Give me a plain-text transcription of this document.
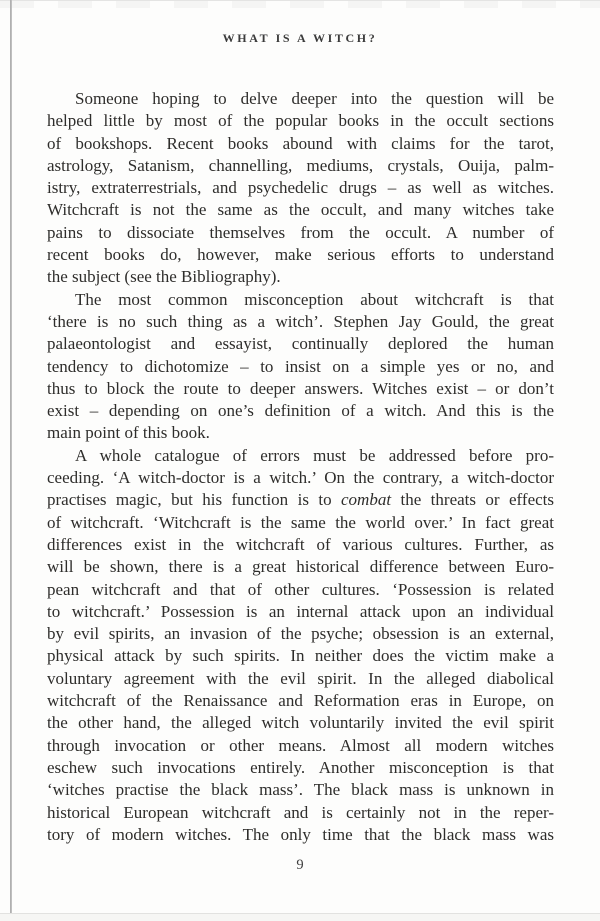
WHAT IS A WITCH?
Someone hoping to delve deeper into the question will be
helped little by most of the popular books in the occult sections
of bookshops. Recent books abound with claims for the tarot,
astrology, Satanism, channelling, mediums, crystals, Ouija, palm-
istry, extraterrestrials, and psychedelic drugs – as well as witches.
Witchcraft is not the same as the occult, and many witches take
pains to dissociate themselves from the occult. A number of
recent books do, however, make serious efforts to understand
the subject (see the Bibliography).
The most common misconception about witchcraft is that
‘there is no such thing as a witch’. Stephen Jay Gould, the great
palaeontologist and essayist, continually deplored the human
tendency to dichotomize – to insist on a simple yes or no, and
thus to block the route to deeper answers. Witches exist – or don’t
exist – depending on one’s definition of a witch. And this is the
main point of this book.
A whole catalogue of errors must be addressed before pro-
ceeding. ‘A witch-doctor is a witch.’ On the contrary, a witch-doctor
practises magic, but his function is to combat the threats or effects
of witchcraft. ‘Witchcraft is the same the world over.’ In fact great
differences exist in the witchcraft of various cultures. Further, as
will be shown, there is a great historical difference between Euro-
pean witchcraft and that of other cultures. ‘Possession is related
to witchcraft.’ Possession is an internal attack upon an individual
by evil spirits, an invasion of the psyche; obsession is an external,
physical attack by such spirits. In neither does the victim make a
voluntary agreement with the evil spirit. In the alleged diabolical
witchcraft of the Renaissance and Reformation eras in Europe, on
the other hand, the alleged witch voluntarily invited the evil spirit
through invocation or other means. Almost all modern witches
eschew such invocations entirely. Another misconception is that
‘witches practise the black mass’. The black mass is unknown in
historical European witchcraft and is certainly not in the reper-
tory of modern witches. The only time that the black mass was
9
